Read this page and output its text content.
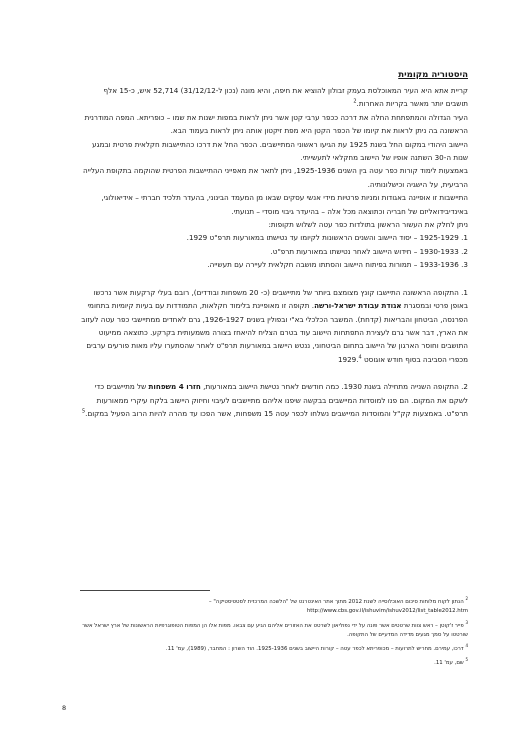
היסטוריה מקומית

קריית אתא היא העיר המאוכלסת בעמק זבולון להוציא את חיפה, והיא מונה (נכון ל-31/12/12) 52,714 איש, כ-15 אלף תושבים יותר מאשר בקריות האחרות.$^2$

העיר הגדולה והמתפתחת החלה את דרכה ככפר ערבי קטן אשר ניתן לראות במפות ישנות את שמו – כופריתא. המפה המודרנית הראשונה בה ניתן לראות את קיומו של הכפר הקטן היא מפת זיקטון אותה ניתן לראות בעמוד הבא.

היישוב היהודי במקום החל בשנת 1925 עת הגיעו ראשוני המתיישבים. הכפר החל את דרכו כהתיישבות חקלאית פרטית ובמגע שנות ה-30 השתנה אופיו של היישוב מחקלאי לתעשייתי.

באמצעות לימוד קורות כפר עטה בין השנים 1925-1936, ניתן לתאר את מאפייני ההתיישבות הפרטית שהוקמה בתקופת העלייה הרביעית, על הישגיה וכישלונותיה.

התיישבות זו אופיינה באגודות ומניות פרטיות מידי אנשי עסקים שבאו מן המעמד הבינוני, בהעדר תלכיד חברתי – אידיאולוגי, באינדיבידואליזם של חבריה וכתוצאה מכל אלה – בהיעדר גיבוי מוסדי – תנועתי.

ניתן לחלק את העשור הראשון בתולדות כפר עטה לשלוש תקופות:

1. 1925-1929 – יסוד היישוב והשנים הראשונות לקיומו עד נטישתו במאורעות תרפ"ט 1929.

2. 1930-1933 – חידוש היישוב לאחר נטישתו במאורעות תרפ"ט.

3. 1933-1936 – תמורות בפיתוח היישוב והסתתו מושבה חקלאית לעיירה עם תעשייה.

1. התקופה הראשונה התיישבו קונץ מצומצם ביותר של מתיישבים (כ- 20 משפחות ובודדים), רובם בעלי קרקעות אשר נרכשו באופן פרטי ובמסגרת אגודת עבודת ישראל-ורשה. תקופה זו מאופיינת בלימוד חקלאות, התמודדות עם בעיות קיומיות בתחומי הפרנסה, הביטחון והבריאות (קדחת). המשבר הכלכלי בא"י ובפולין בשנים 1926-1927, גרם לאחדים ממתיישבי כפר עטה לעזוב את הארץ, דבר אשר גרם לעצירת התפתחות היישוב עוד בטרם הצליח להיאחז בצורה משמעותית בקרקע. כתוצאה ממיעוט התושבים וחוסר הארגון של היישוב בתחום הביטחוני, ננטש היישוב במאורעות תרפ"ט לאחר שהסתערו עליו מאות פורעים ערבים מכפרי הסביבה בסוף חודש אוגוסט 1929.$^4$

2. התקופה השנייה מתחילה בשנת 1930. כמה חודשים לאחר נטישת היישוב במאורעות, חזרו 4 משפחות של מתיישבים כדי לשקם את המקום. הם פנו למוסדות המיישבים בבקשה שיפנו אליהם מתיישבים לעיבוי וחיזוק היישוב בלקח עיקרי ממאורעות תרפ"ט. באמצעות קק"ל והמוסדות המיישבים נשלחו לכפר עטה 15 משפחות, אשר הפכו עד מהרה להיות הרוב הפעיל במקום.$^5$

$^2$ הנתון לקוח מלוחות סיכום האוכלוסייה לשנת 2012 מתוך אתר האינטרנט של "הלשכה המרכזית לסטטיסטיקה" – http://www.cbs.gov.il/ishuvim/ishuv2012/list_table2012.htm

$^3$ פייר ז'קוטן – ראש צוות שרטטים אשר פונה על ידי נפוליאון לשרטט את האזורים אליהם הגיע עם צבאו. מפות אלו הן המפות הטופוגרפיות הראשונות של ארץ ישראל אשר שורטטו על סמך מגעים מדידה המדעיים של התקופה.

$^4$ דרכו, עמירם. מחריש לתרועות – מכופריתא לכפר עטה – קורות היישוב בשנים 1925-1936. הוד השרון : המחבר, (1989), עמ' 11.

$^5$ שם, עמ' 11.

8
